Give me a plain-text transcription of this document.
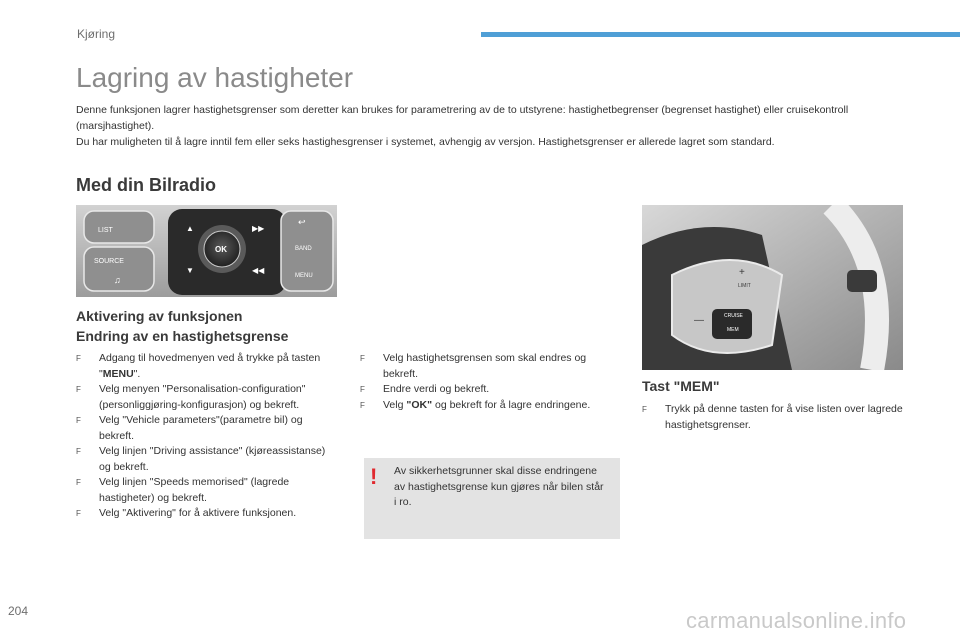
Kjøring
Lagring av hastigheter

Denne funksjonen lagrer hastighetsgrenser som deretter kan brukes for parametrering av de to utstyrene: hastighetbegrenser (begrenset hastighet) eller cruisekontroll (marsjhastighet).

Du har muligheten til å lagre inntil fem eller seks hastighesgrenser i systemet, avhengig av versjon. Hastighetsgrenser er allerede lagret som standard.

Med din Bilradio
LIST
SOURCE
♫
OK
▲
▼
▶▶
◀◀
↩
BAND
MENU	+
—
LIMIT
CRUISE
MEM
Aktivering av funksjonen
Endring av en hastighetsgrense
F Adgang til hovedmenyen ved å trykke på tasten "MENU".
F Velg menyen "Personalisation-configuration" (personliggjøring-konfigurasjon) og bekreft.
F Velg "Vehicle parameters"(parametre bil) og bekreft.
F Velg linjen "Driving assistance" (kjøreassistanse) og bekreft.
F Velg linjen "Speeds memorised" (lagrede hastigheter) og bekreft.
F Velg "Aktivering" for å aktivere funksjonen.
F Velg hastighetsgrensen som skal endres og bekreft.
F Endre verdi og bekreft.
F Velg "OK" og bekreft for å lagre endringene.
! Av sikkerhetsgrunner skal disse endringene av hastighetsgrense kun gjøres når bilen står i ro.
Tast "MEM"
F Trykk på denne tasten for å vise listen over lagrede hastighetsgrenser.
204	carmanualsonline.info
